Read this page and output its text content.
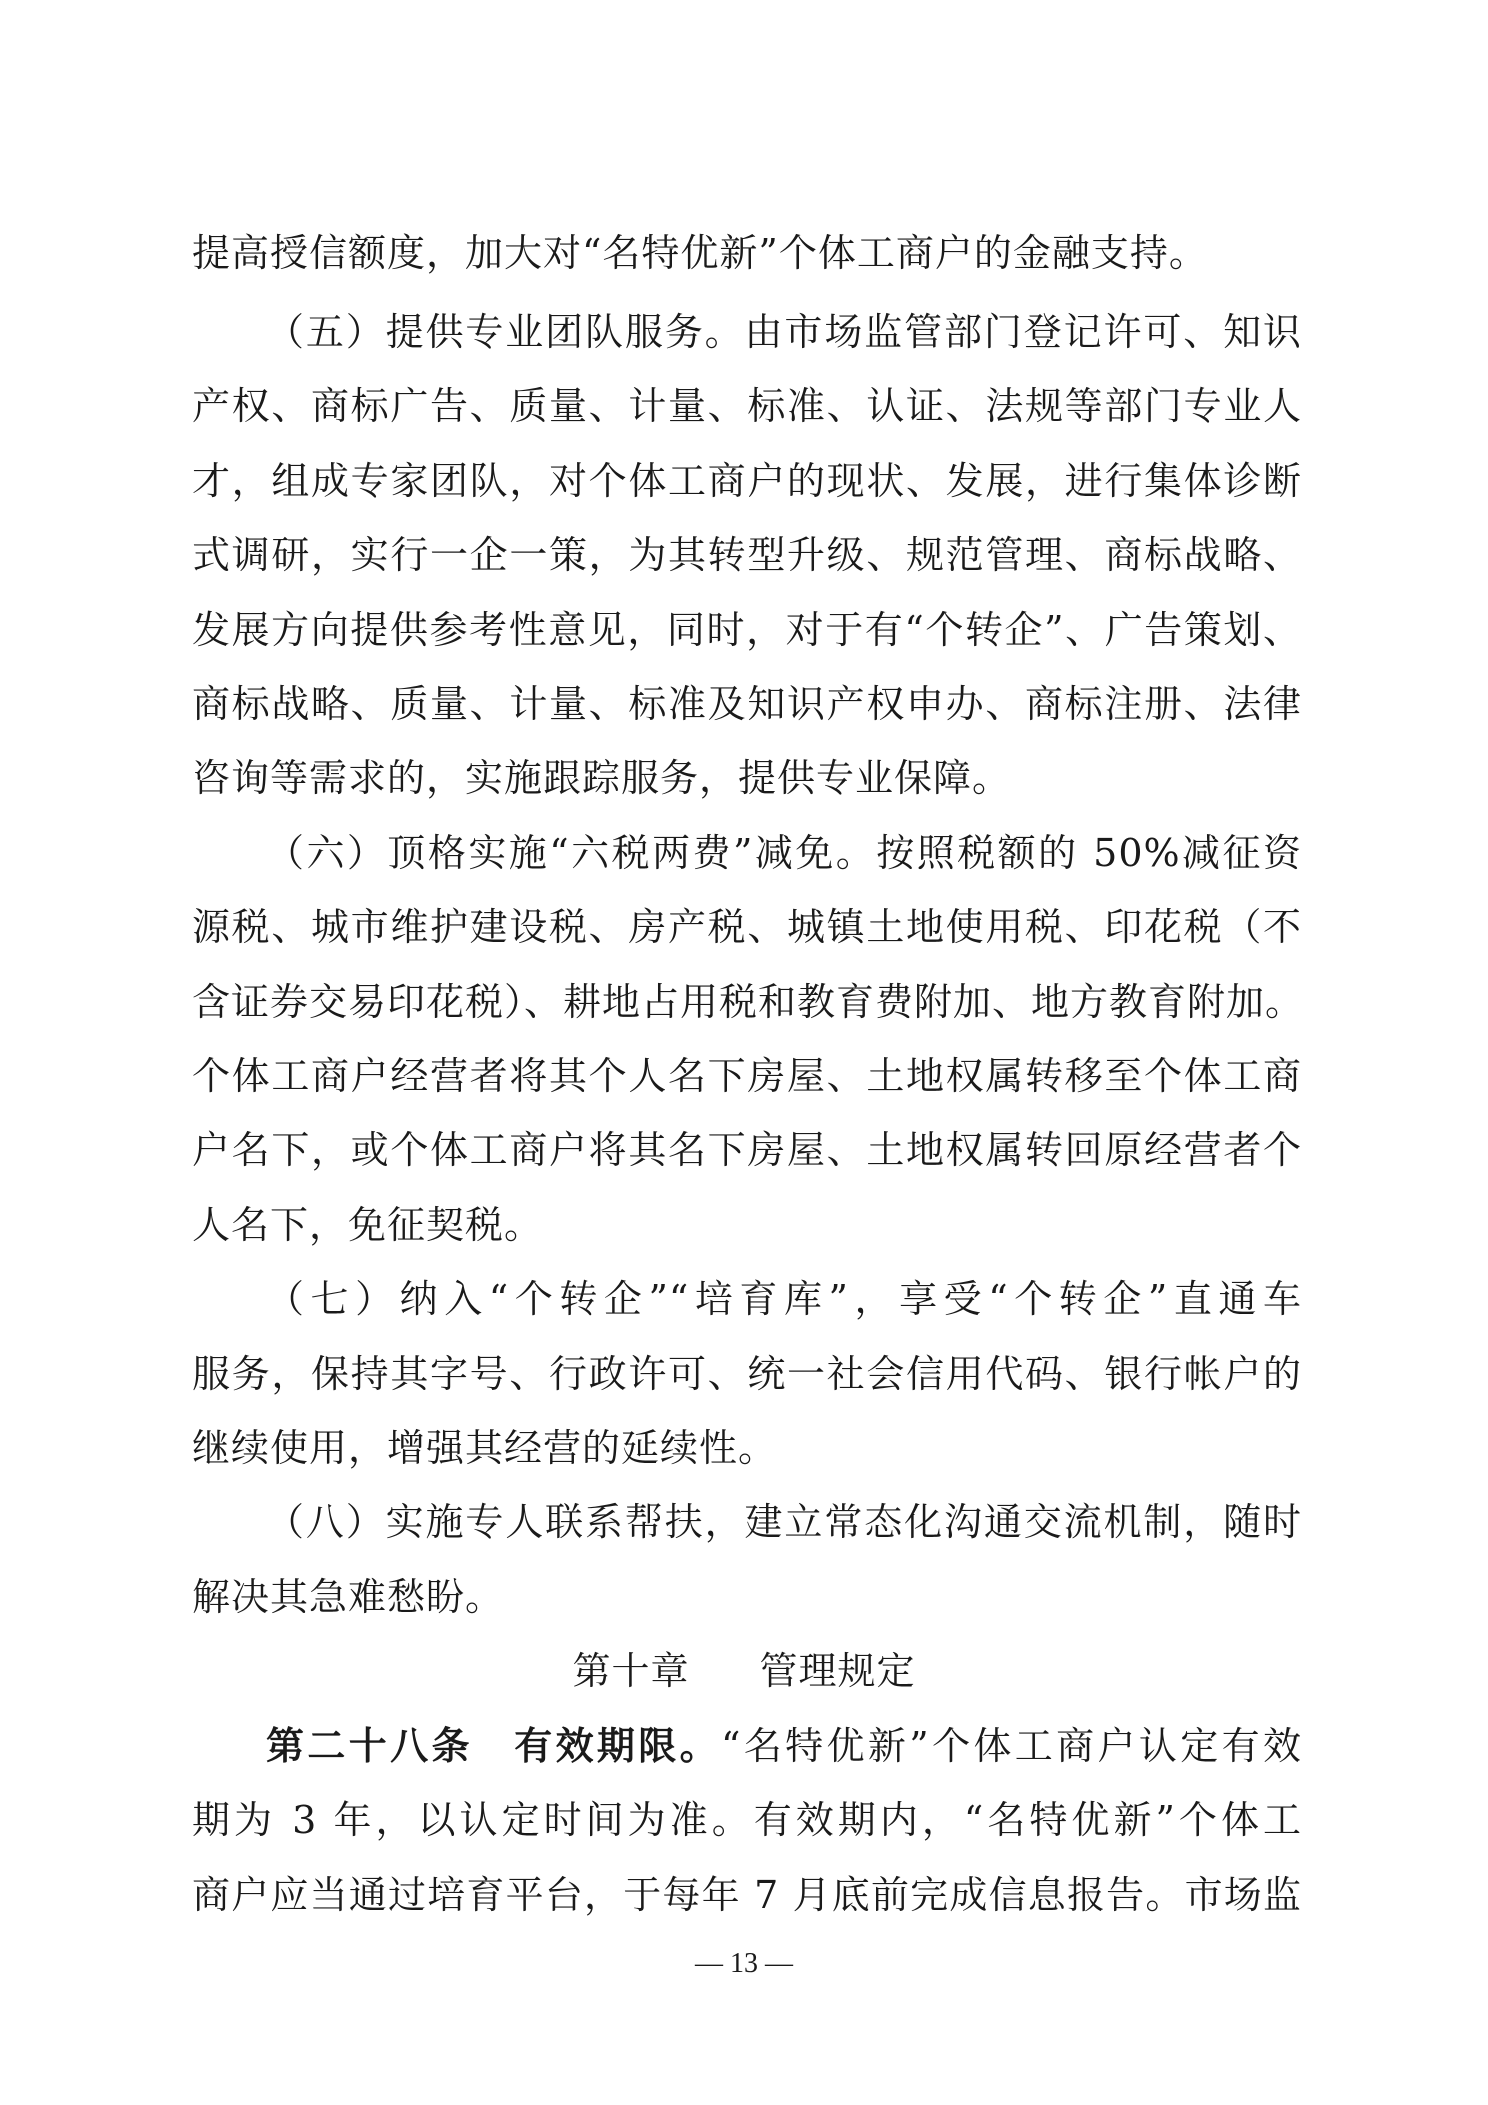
提高授信额度，加大对“名特优新”个体工商户的金融支持。
（五）提供专业团队服务。由市场监管部门登记许可、知识
产权、商标广告、质量、计量、标准、认证、法规等部门专业人
才，组成专家团队，对个体工商户的现状、发展，进行集体诊断
式调研，实行一企一策，为其转型升级、规范管理、商标战略、
发展方向提供参考性意见，同时，对于有“个转企”、广告策划、
商标战略、质量、计量、标准及知识产权申办、商标注册、法律
咨询等需求的，实施跟踪服务，提供专业保障。
（六）顶格实施“六税两费”减免。按照税额的 50%减征资
源税、城市维护建设税、房产税、城镇土地使用税、印花税（不
含证券交易印花税）、耕地占用税和教育费附加、地方教育附加。
个体工商户经营者将其个人名下房屋、土地权属转移至个体工商
户名下，或个体工商户将其名下房屋、土地权属转回原经营者个
人名下，免征契税。
（七）纳入“个转企”“培育库”，享受“个转企”直通车
服务，保持其字号、行政许可、统一社会信用代码、银行帐户的
继续使用，增强其经营的延续性。
（八）实施专人联系帮扶，建立常态化沟通交流机制，随时
解决其急难愁盼。
第十章 管理规定
第二十八条　 有效期限。“名特优新”个体工商户认定有效
期为 3 年，以认定时间为准。有效期内，“名特优新”个体工
商户应当通过培育平台，于每年 7 月底前完成信息报告。市场监
— 13 —
